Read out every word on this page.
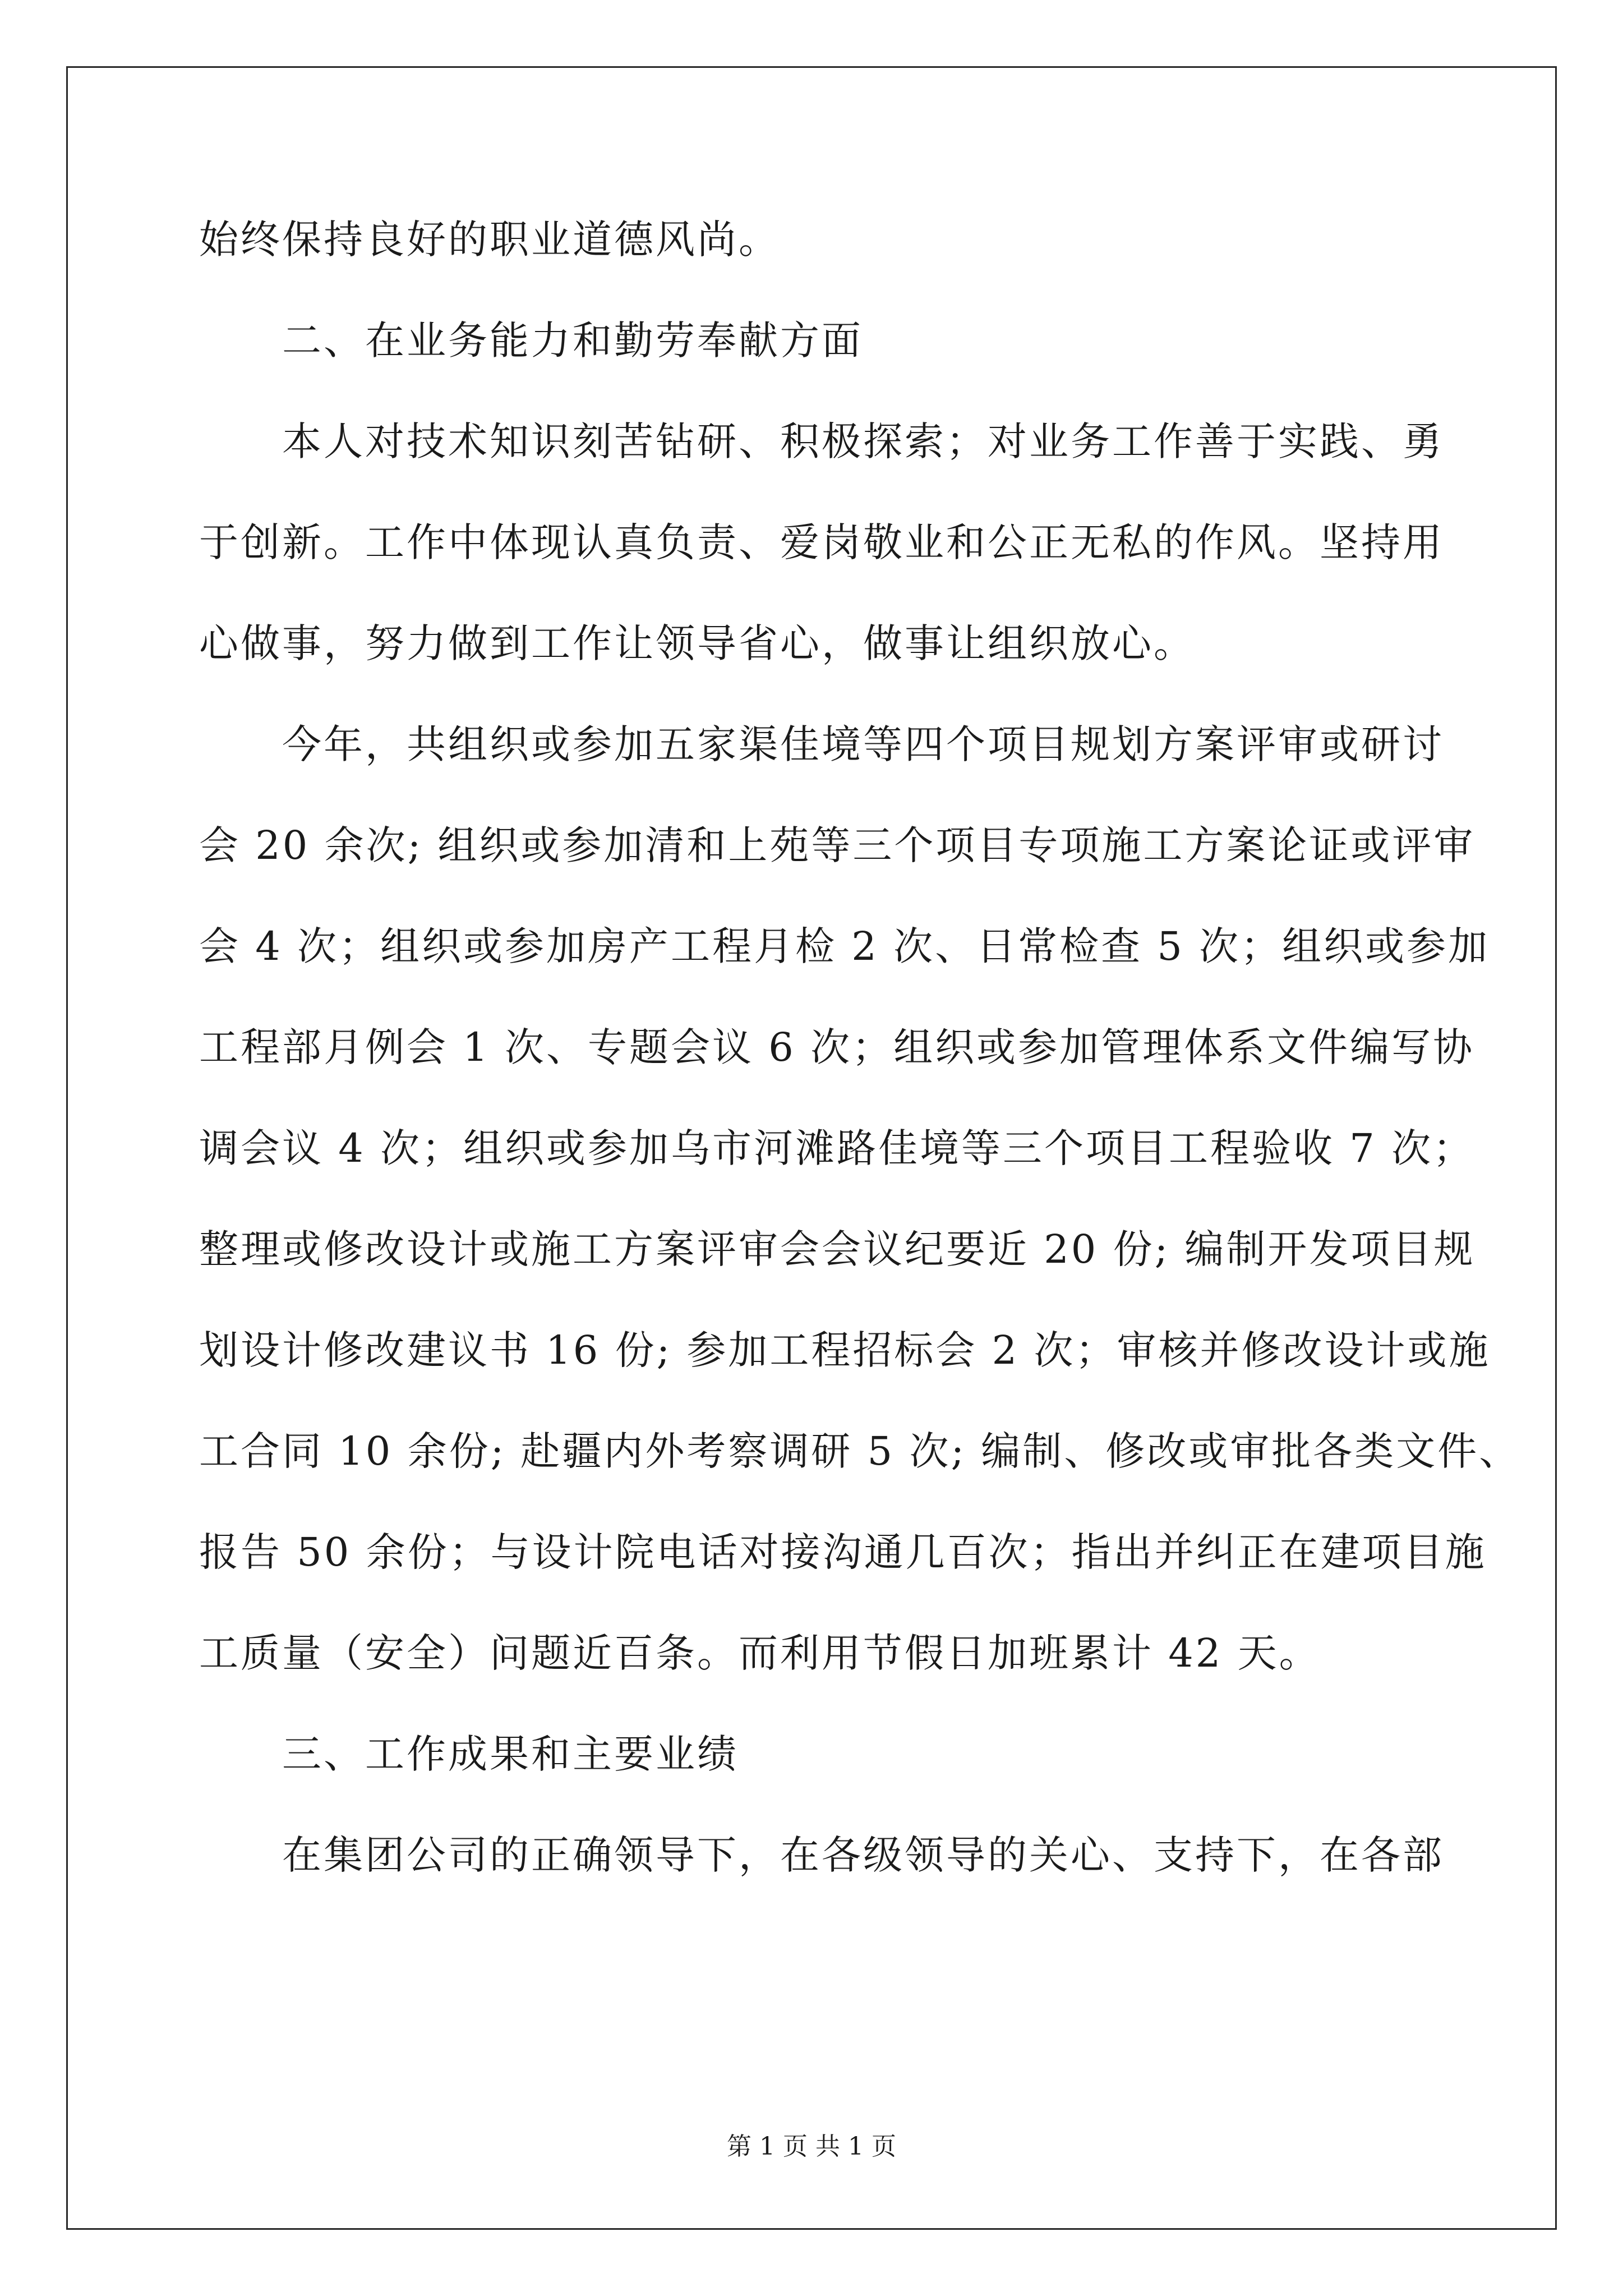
始终保持良好的职业道德风尚。
二、在业务能力和勤劳奉献方面
本人对技术知识刻苦钻研、积极探索；对业务工作善于实践、勇
于创新。工作中体现认真负责、爱岗敬业和公正无私的作风。坚持用
心做事，努力做到工作让领导省心，做事让组织放心。
今年，共组织或参加五家渠佳境等四个项目规划方案评审或研讨
会 20 余次; 组织或参加清和上苑等三个项目专项施工方案论证或评审
会 4 次；组织或参加房产工程月检 2 次、日常检查 5 次；组织或参加
工程部月例会 1 次、专题会议 6 次；组织或参加管理体系文件编写协
调会议 4 次；组织或参加乌市河滩路佳境等三个项目工程验收 7 次；
整理或修改设计或施工方案评审会会议纪要近 20 份; 编制开发项目规
划设计修改建议书 16 份; 参加工程招标会 2 次；审核并修改设计或施
工合同 10 余份; 赴疆内外考察调研 5 次; 编制、修改或审批各类文件、
报告 50 余份；与设计院电话对接沟通几百次；指出并纠正在建项目施
工质量（安全）问题近百条。而利用节假日加班累计 42 天。
三、工作成果和主要业绩
在集团公司的正确领导下，在各级领导的关心、支持下，在各部
第 1 页 共 1 页
